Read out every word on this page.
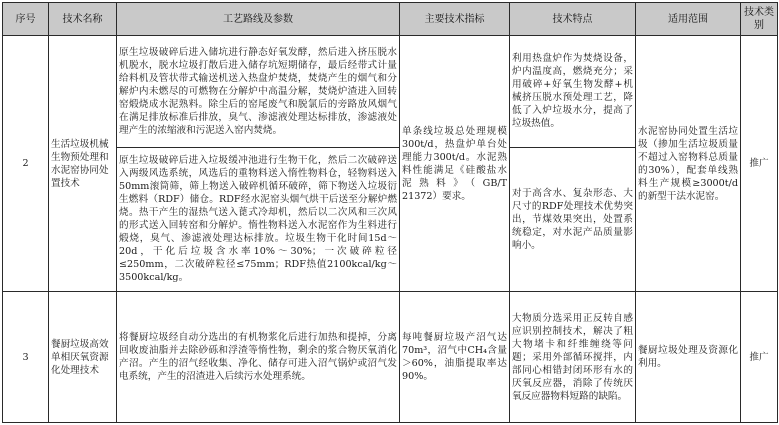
序号	技术名称	工艺路线及参数	主要技术指标	技术特点	适用范围	技术类别
2	生活垃圾机械生物预处理和水泥窑协同处置技术	原生垃圾破碎后进入储坑进行静态好氧发酵，然后进入挤压脱水机脱水，脱水垃圾打散后进入储存坑短期储存，最后经带式计量给料机及管状带式输送机送入热盘炉焚烧，焚烧产生的烟气和分解炉内未燃尽的可燃物在分解炉中高温分解，焚烧炉渣进入回转窑煅烧成水泥熟料。除尘后的窑尾废气和脱氯后的旁路放风烟气在满足排放标准后排放，臭气、渗滤液处理达标排放，渗滤液处理产生的浓缩液和污泥送入窑内焚烧。	单条线垃圾总处理规模300t/d，热盘炉单台处理能力300t/d。水泥熟料性能满足《硅酸盐水泥熟料》（GB/T 21372）要求。	利用热盘炉作为焚烧设备，炉内温度高，燃烧充分；采用破碎+好氧生物发酵+机械挤压脱水预处理工艺，降低了入炉垃圾水分，提高了垃圾热值。	水泥窑协同处置生活垃圾（掺加生活垃圾质量不超过入窑物料总质量的30%），配套单线熟料生产规模≥3000t/d的新型干法水泥窑。	推广
		原生垃圾破碎后进入垃圾缓冲池进行生物干化，然后二次破碎送入两级风选系统，风选后的重物料送入惰性物料仓，轻物料送入50mm滚筒筛，筛上物送入破碎机循环破碎，筛下物送入垃圾衍生燃料（RDF）储仓。RDF经水泥窑头烟气烘干后送至分解炉燃烧。热干产生的湿热气送入蓖式冷却机，然后以二次风和三次风的形式送入回转窑和分解炉。惰性物料送入水泥窑作为生料进行煅烧，臭气、渗滤液处理达标排放。垃圾生物干化时间15d～20d，干化后垃圾含水率10%～30%；一次破碎粒径≤250mm，二次破碎粒径≤75mm；RDF热值2100kcal/kg～3500kcal/kg。		对于高含水、复杂形态、大尺寸的RDF处理技术优势突出，节煤效果突出，处置系统稳定，对水泥产品质量影响小。		
3	餐厨垃圾高效单相厌氧资源化处理技术	将餐厨垃圾经自动分选出的有机物浆化后进行加热和提掉，分离回收废油脂并去除砂砾和浮渣等惰性物，剩余的浆合物厌氧消化产沼。产生的沼气经收集、净化、储存可进入沼气锅炉或沼气发电系统，产生的沼渣进入后续污水处理系统。	每吨餐厨垃圾产沼气达70m³，沼气中CH₄含量＞60%，油脂提取率达90%。	大物质分选采用正反转自感应识别控制技术，解决了粗大物堵卡和纤维缠绕等问题；采用外部循环搅拌，内部同心相错封闭环形有水的厌氧反应器，消除了传统厌氧反应器物料短路的缺陷。	餐厨垃圾处理及资源化利用。	推广
